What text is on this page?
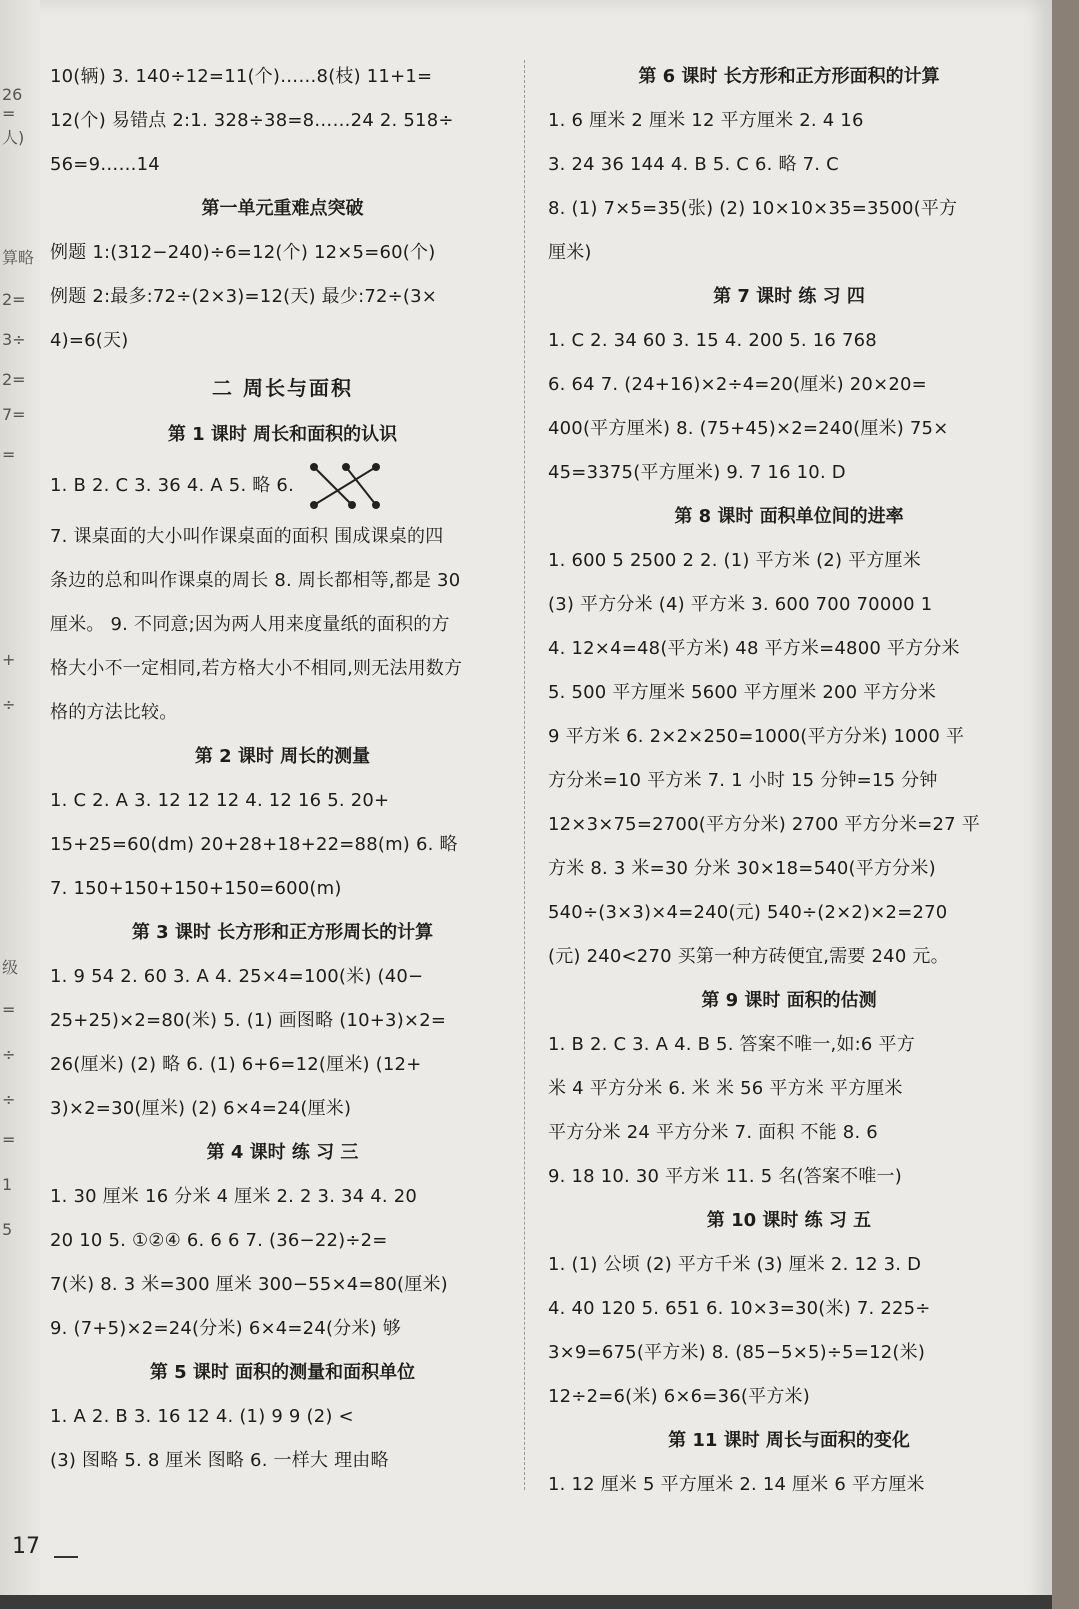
26 =
人)
算略
2=
3÷
2=
7=
=
+
÷
级
=
÷
÷
=
1
5
10(辆) 3. 140÷12=11(个)……8(枝) 11+1=
12(个) 易错点 2:1. 328÷38=8……24 2. 518÷
56=9……14
第一单元重难点突破
例题 1:(312−240)÷6=12(个) 12×5=60(个)
例题 2:最多:72÷(2×3)=12(天) 最少:72÷(3×
4)=6(天)
二 周长与面积
第 1 课时 周长和面积的认识
1. B 2. C 3. 36 4. A 5. 略 6.
7. 课桌面的大小叫作课桌面的面积 围成课桌的四
条边的总和叫作课桌的周长 8. 周长都相等,都是 30
厘米。 9. 不同意;因为两人用来度量纸的面积的方
格大小不一定相同,若方格大小不相同,则无法用数方
格的方法比较。
第 2 课时 周长的测量
1. C 2. A 3. 12 12 12 4. 12 16 5. 20+
15+25=60(dm) 20+28+18+22=88(m) 6. 略
7. 150+150+150+150=600(m)
第 3 课时 长方形和正方形周长的计算
1. 9 54 2. 60 3. A 4. 25×4=100(米) (40−
25+25)×2=80(米) 5. (1) 画图略 (10+3)×2=
26(厘米) (2) 略 6. (1) 6+6=12(厘米) (12+
3)×2=30(厘米) (2) 6×4=24(厘米)
第 4 课时 练 习 三
1. 30 厘米 16 分米 4 厘米 2. 2 3. 34 4. 20
20 10 5. ①②④ 6. 6 6 7. (36−22)÷2=
7(米) 8. 3 米=300 厘米 300−55×4=80(厘米)
9. (7+5)×2=24(分米) 6×4=24(分米) 够
第 5 课时 面积的测量和面积单位
1. A 2. B 3. 16 12 4. (1) 9 9 (2) <
(3) 图略 5. 8 厘米 图略 6. 一样大 理由略
第 6 课时 长方形和正方形面积的计算
1. 6 厘米 2 厘米 12 平方厘米 2. 4 16
3. 24 36 144 4. B 5. C 6. 略 7. C
8. (1) 7×5=35(张) (2) 10×10×35=3500(平方
厘米)
第 7 课时 练 习 四
1. C 2. 34 60 3. 15 4. 200 5. 16 768
6. 64 7. (24+16)×2÷4=20(厘米) 20×20=
400(平方厘米) 8. (75+45)×2=240(厘米) 75×
45=3375(平方厘米) 9. 7 16 10. D
第 8 课时 面积单位间的进率
1. 600 5 2500 2 2. (1) 平方米 (2) 平方厘米
(3) 平方分米 (4) 平方米 3. 600 700 70000 1
4. 12×4=48(平方米) 48 平方米=4800 平方分米
5. 500 平方厘米 5600 平方厘米 200 平方分米
9 平方米 6. 2×2×250=1000(平方分米) 1000 平
方分米=10 平方米 7. 1 小时 15 分钟=15 分钟
12×3×75=2700(平方分米) 2700 平方分米=27 平
方米 8. 3 米=30 分米 30×18=540(平方分米)
540÷(3×3)×4=240(元) 540÷(2×2)×2=270
(元) 240<270 买第一种方砖便宜,需要 240 元。
第 9 课时 面积的估测
1. B 2. C 3. A 4. B 5. 答案不唯一,如:6 平方
米 4 平方分米 6. 米 米 56 平方米 平方厘米
平方分米 24 平方分米 7. 面积 不能 8. 6
9. 18 10. 30 平方米 11. 5 名(答案不唯一)
第 10 课时 练 习 五
1. (1) 公顷 (2) 平方千米 (3) 厘米 2. 12 3. D
4. 40 120 5. 651 6. 10×3=30(米) 7. 225÷
3×9=675(平方米) 8. (85−5×5)÷5=12(米)
12÷2=6(米) 6×6=36(平方米)
第 11 课时 周长与面积的变化
1. 12 厘米 5 平方厘米 2. 14 厘米 6 平方厘米
17
